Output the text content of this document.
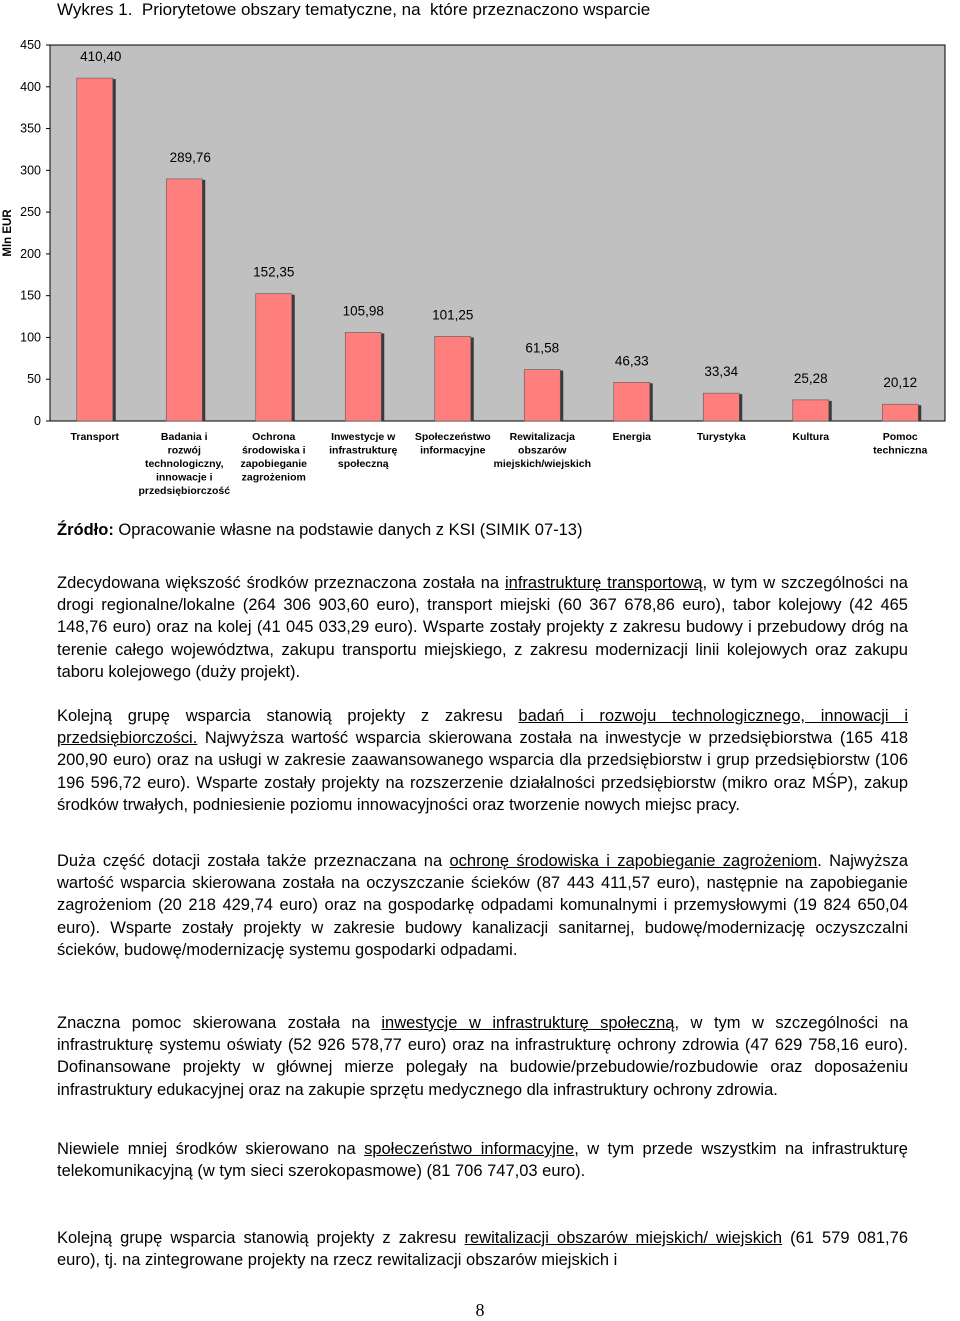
Wykres 1.  Priorytetowe obszary tematyczne, na  które przeznaczono wsparcie
0
50
100
150
200
250
300
350
400
450
410,40
289,76
152,35
105,98	101,25
61,58
46,33
33,34	25,28	20,12
Transport	Badania i rozwój technologiczny, innowacje i przedsiębiorczość
Ochrona środowiska i zapobieganie zagrożeniom
Inwestycje w infrastrukturę społeczną
Społeczeństwo informacyjne
Rewitalizacja obszarów miejskich/wiejskich
Energia	Turystyka	Kultura	Pomoc techniczna
Mln EUR
Źródło: Opracowanie własne na podstawie danych z KSI (SIMIK 07-13)

Zdecydowana większość środków przeznaczona została na infrastrukturę transportową, w tym w szczególności na drogi regionalne/lokalne (264 306 903,60 euro), transport miejski (60 367 678,86 euro), tabor kolejowy (42 465 148,76 euro) oraz na kolej (41 045 033,29 euro). Wsparte zostały projekty z zakresu budowy i przebudowy dróg na terenie całego województwa, zakupu transportu miejskiego, z zakresu modernizacji linii kolejowych oraz zakupu taboru kolejowego (duży projekt).

Kolejną grupę wsparcia stanowią projekty z zakresu badań i rozwoju technologicznego, innowacji i przedsiębiorczości. Najwyższa wartość wsparcia skierowana została na inwestycje w przedsiębiorstwa (165 418 200,90 euro) oraz na usługi w zakresie zaawansowanego wsparcia dla przedsiębiorstw i grup przedsiębiorstw (106 196 596,72 euro). Wsparte zostały projekty na rozszerzenie działalności przedsiębiorstw (mikro oraz MŚP), zakup środków trwałych, podniesienie poziomu innowacyjności oraz tworzenie nowych miejsc pracy.

Duża część dotacji została także przeznaczana na ochronę środowiska i zapobieganie zagrożeniom. Najwyższa wartość wsparcia skierowana została na oczyszczanie ścieków (87 443 411,57 euro), następnie na zapobieganie zagrożeniom (20 218 429,74 euro) oraz na gospodarkę odpadami komunalnymi i przemysłowymi (19 824 650,04 euro). Wsparte zostały projekty w zakresie budowy kanalizacji sanitarnej, budowę/modernizację oczyszczalni ścieków, budowę/modernizację systemu gospodarki odpadami.

Znaczna pomoc skierowana została na inwestycje w infrastrukturę społeczną, w tym w szczególności na infrastrukturę systemu oświaty (52 926 578,77 euro) oraz na infrastrukturę ochrony zdrowia (47 629 758,16 euro). Dofinansowane projekty w głównej mierze polegały na budowie/przebudowie/rozbudowie oraz doposażeniu infrastruktury edukacyjnej oraz na zakupie sprzętu medycznego dla infrastruktury ochrony zdrowia.

Niewiele mniej środków skierowano na społeczeństwo informacyjne, w tym przede wszystkim na infrastrukturę telekomunikacyjną (w tym sieci szerokopasmowe) (81 706 747,03 euro).

Kolejną grupę wsparcia stanowią projekty z zakresu rewitalizacji obszarów miejskich/ wiejskich (61 579 081,76 euro), tj. na zintegrowane projekty na rzecz rewitalizacji obszarów miejskich i

8
